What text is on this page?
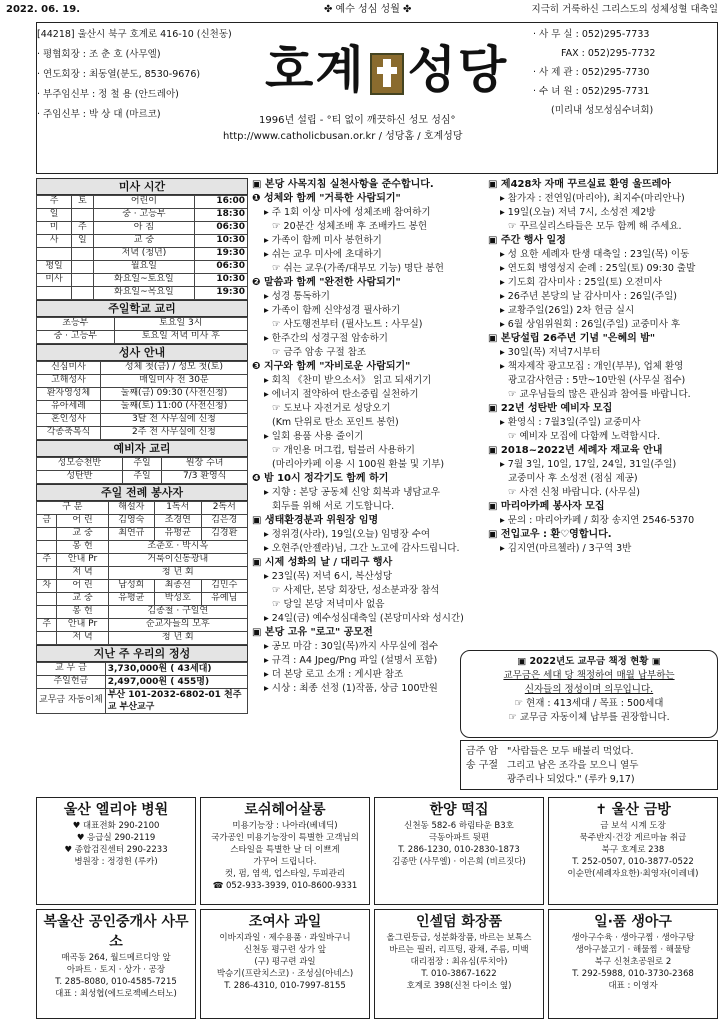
2022. 06. 19.	✤ 예수 성심 성월 ✤	지극히 거룩하신 그리스도의 성체성혈 대축일
[44218] 울산시 북구 호계로 416-10 (신천동)
· 평협회장 : 조 춘 호 (사무엘)
· 연도회장 : 최동열(분도, 8530-9676)
· 부주임신부 : 정 철 용 (안드레아)
· 주임신부 : 박 상 대 (마르코)
호계 성당
1996년 설립 - °티 없이 깨끗하신 성모 성심°
http://www.catholicbusan.or.kr / 성당홈 / 호계성당
· 사 무 실 : 052)295-7733
FAX : 052)295-7732
· 사 제 관 : 052)295-7730
· 수 녀 원 : 052)295-7731
(미리내 성모성심수녀회)
미사 시간
주	토	어린이	16:00
일		중 · 고등부	18:30
미	주	아 침	06:30
사	일	교 중	10:30
		저녁 (청년)	19:30
평일		월요일	06:30
미사		화요일~토요일	10:30
		화요일~목요일	19:30
주일학교 교리
초등부	토요일 3시
중 · 고등부	토요일 저녁 미사 후
성사 안내
신심미사	성체 첫(금) / 성모 첫(토)
고해성사	매일미사 전 30분
환자영성체	둘째(금) 09:30 (사전신청)
유아세례	둘째(토) 11:00 (사전신청)
혼인성사	3달 전 사무실에 신청
각종축복식	2주 전 사무실에 신청
예비자 교리
성모승천반	주일	원장 수녀
성탄반	주일	7/3 환영식
주일 전례 봉사자
구 분		해설자	1독서	2독서
금	어 린	김영숙	조경연	김은경
	교 중	최연규	유평균	김경환
	봉 헌	조춘호 · 박시옥		
주	안내 Pr	거룩이신동광내		
	저 녁	청 년 회		
차	어 린	남성희	최종선	김민수
	교 중	유평균	박성호	유예님
	봉 헌	김종철 · 구일연		
주	안내 Pr	순교자들의 모후		
	저 녁	청 년 회		
지난 주 우리의 정성
교 무 금	3,730,000원 ( 43세대)
주일헌금	2,497,000원 ( 455명)
교무금 자동이체	부산 101-2032-6802-01 천주교 부산교구
▣ 본당 사목지침 실천사항을 준수합니다.
❶ 성체와 함께 "거룩한 사람되기"
▸ 주 1회 이상 미사에 성체조배 참여하기
☞ 20분간 성체조배 후 조배카드 봉헌
▸ 가족이 함께 미사 봉헌하기
▸ 쉬는 교우 미사에 초대하기
☞ 쉬는 교우(가족/대부모 기능) 명단 봉헌
❷ 말씀과 함께 "완전한 사람되기"
▸ 성경 통독하기
▸ 가족이 함께 신약성경 필사하기
☞ 사도행전부터 (필사노트 : 사무실)
▸ 한주간의 성경구절 암송하기
☞ 금주 암송 구절 참조
❸ 지구와 함께 "자비로운 사람되기"
▸ 회칙 《찬미 받으소서》 읽고 되새기기
▸ 에너지 절약하여 탄소중립 실천하기
☞ 도보나 자전거로 성당오기
(Km 단위로 탄소 포인트 봉헌)
▸ 일회 용품 사용 줄이기
☞ 개인용 머그컵, 텀블러 사용하기
(마리아카페 이용 시 100원 환불 및 기부)
❹ 밤 10시 정각기도 함께 하기
▸ 지향 : 본당 공동체 신앙 회복과 냉담교우
회두를 위해 서로 기도합니다.
▣ 생태환경분과 위원장 임명
▸ 정위경(사라), 19일(오늘) 임명장 수여
▸ 오현주(안젤라)님, 그간 노고에 감사드립니다.
▣ 시제 성화의 날 / 대리구 행사
▸ 23일(목) 저녁 6시, 복산성당
☞ 사제단, 본당 회장단, 성소분과장 참석
☞ 당일 본당 저녁미사 없음
▸ 24일(금) 예수성심대축일 (본당미사와 성시간)
▣ 본당 고유 "로고" 공모전
▸ 공모 마감 : 30일(목)까지 사무실에 접수
▸ 규격 : A4 Jpeg/Png 파일 (설명서 포함)
▸ 더 본당 로고 소개 : 게시판 참조
▸ 시상 : 최종 선정 (1)작품, 상금 100만원
▣ 제428차 자매 꾸르실료 환영 울뜨레아
▸ 참가자 : 전연임(마리아), 최지수(마리안나)
▸ 19일(오늘) 저녁 7시, 소성전 제2방
☞ 꾸르실리스타들은 모두 함께 해 주세요.
▣ 주간 행사 일정
▸ 성 요한 세례자 탄생 대축일 : 23일(목) 이동
▸ 연도회 병영성지 순례 : 25일(토) 09:30 출발
▸ 기도회 감사미사 : 25일(토) 오전미사
▸ 26주년 본당의 날 감사미사 : 26일(주일)
▸ 교황주일(26일) 2차 헌금 실시
▸ 6월 상임위원회 : 26일(주일) 교중미사 후
▣ 본당설립 26주년 기념 "은혜의 밤"
▸ 30일(목) 저녁7시부터
▸ 책자제작 광고모집 : 개인(부부), 업체 환영
광고감사헌금 : 5만~10만원 (사무실 접수)
☞ 교우님들의 많은 관심과 참여를 바랍니다.
▣ 22년 성탄반 예비자 모집
▸ 환영식 : 7월3일(주일) 교중미사
☞ 예비자 모집에 다함께 노력합시다.
▣ 2018~2022년 세례자 재교육 안내
▸ 7월 3일, 10일, 17일, 24일, 31일(주일)
교중미사 후 소성전 (점심 제공)
☞ 사전 신청 바랍니다. (사무실)
▣ 마리아카페 봉사자 모집
▸ 문의 : 마리아카페 / 회장 송지연 2546-5370
▣ 전입교우 : 환♡영합니다.
▸ 김지연(마르첼라) / 3구역 3반
▣ 2022년도 교무금 책정 현황 ▣
교무금은 세대 당 책정하여 매월 납부하는
신자들의 정성이며 의무입니다.
☞ 현재 : 413세대 / 목표 : 500세대
☞ 교무금 자동이체 납부를 권장합니다.
금주 암송 구절
"사람들은 모두 배불리 먹었다.
그리고 남은 조각을 모으니 열두
광주리나 되었다." (루카 9,17)
울산 엘리야 병원
♥ 대표전화 290-2100
♥ 응급실 290-2119
♥ 종합검진센터 290-2233
병원장 : 정경헌 (루카)
로쉬헤어살롱
미용기능장 : 나아라(베네딕)
국가공인 미용기능장이 특별한 고객님의
스타일을 특별한 날 더 이쁘게
가꾸어 드립니다.
컷, 펌, 염색, 업스타일, 두피관리
☎ 052-933-3939, 010-8600-9331
한양 떡집
신천동 582-6 하림타운 B3호
극동아파트 뒷편
T. 286-1230, 010-2830-1873
김종만 (사무엘) · 이은희 (비르짓다)
✝ 울산 금방
금 보석 시계 도장
묵주반지·건강 게르마늄 취급
북구 호계로 238
T. 252-0507, 010-3877-0522
이순만(세례자요한)·최영자(이레네)
복울산 공인중개사 사무소
매곡동 264, 월드메르디앙 앞
아파트 · 토지 · 상가 · 공장
T. 285-8080, 010-4585-7215
대표 : 최성협(에드로젝베스터노)
조여사 과일
이바지과일 · 제수용품 · 과일바구니
신천동 평구련 상가 앞
(구) 평구련 과일
박승기(프란치스코) · 조성심(아네스)
T. 286-4310, 010-7997-8155
인셀덤 화장품
올그린등급, 성분화장품, 바르는 보톡스
바르는 필러, 리프팅, 광채, 주름, 미백
대리점장 : 최유심(루치아)
T. 010-3867-1622
호계로 398(신천 다이소 옆)
일·품 생아구
생아구수육 · 생아구찜 · 생아구탕
생아구불고기 · 해물찜 · 해물탕
북구 신천초공원로 2
T. 292-5988, 010-3730-2368
대표 : 이영자
